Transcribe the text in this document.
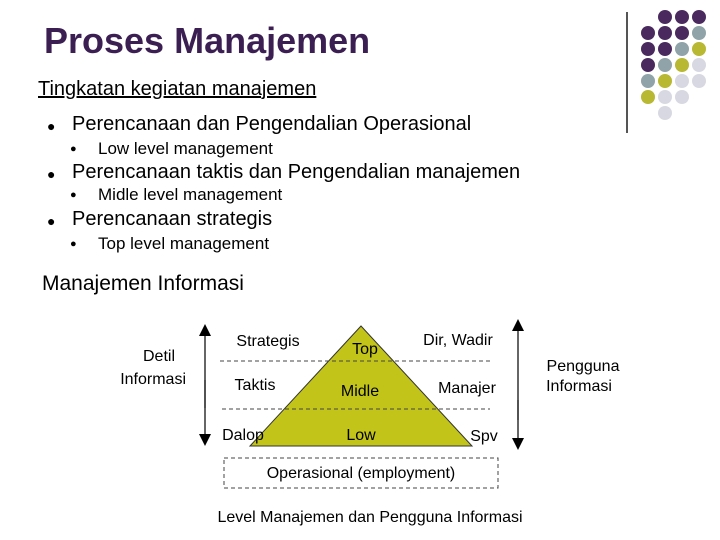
Proses Manajemen
Tingkatan kegiatan manajemen
● Perencanaan dan Pengendalian Operasional
● Low level management
● Perencanaan taktis dan Pengendalian manajemen
● Midle level management
● Perencanaan strategis
● Top level management
Manajemen Informasi
Detil
Informasi
Strategis
Taktis
Dalop
Top
Midle
Low
Dir, Wadir
Manajer
Spv
Pengguna
Informasi
Operasional (employment)
Level Manajemen dan Pengguna Informasi
